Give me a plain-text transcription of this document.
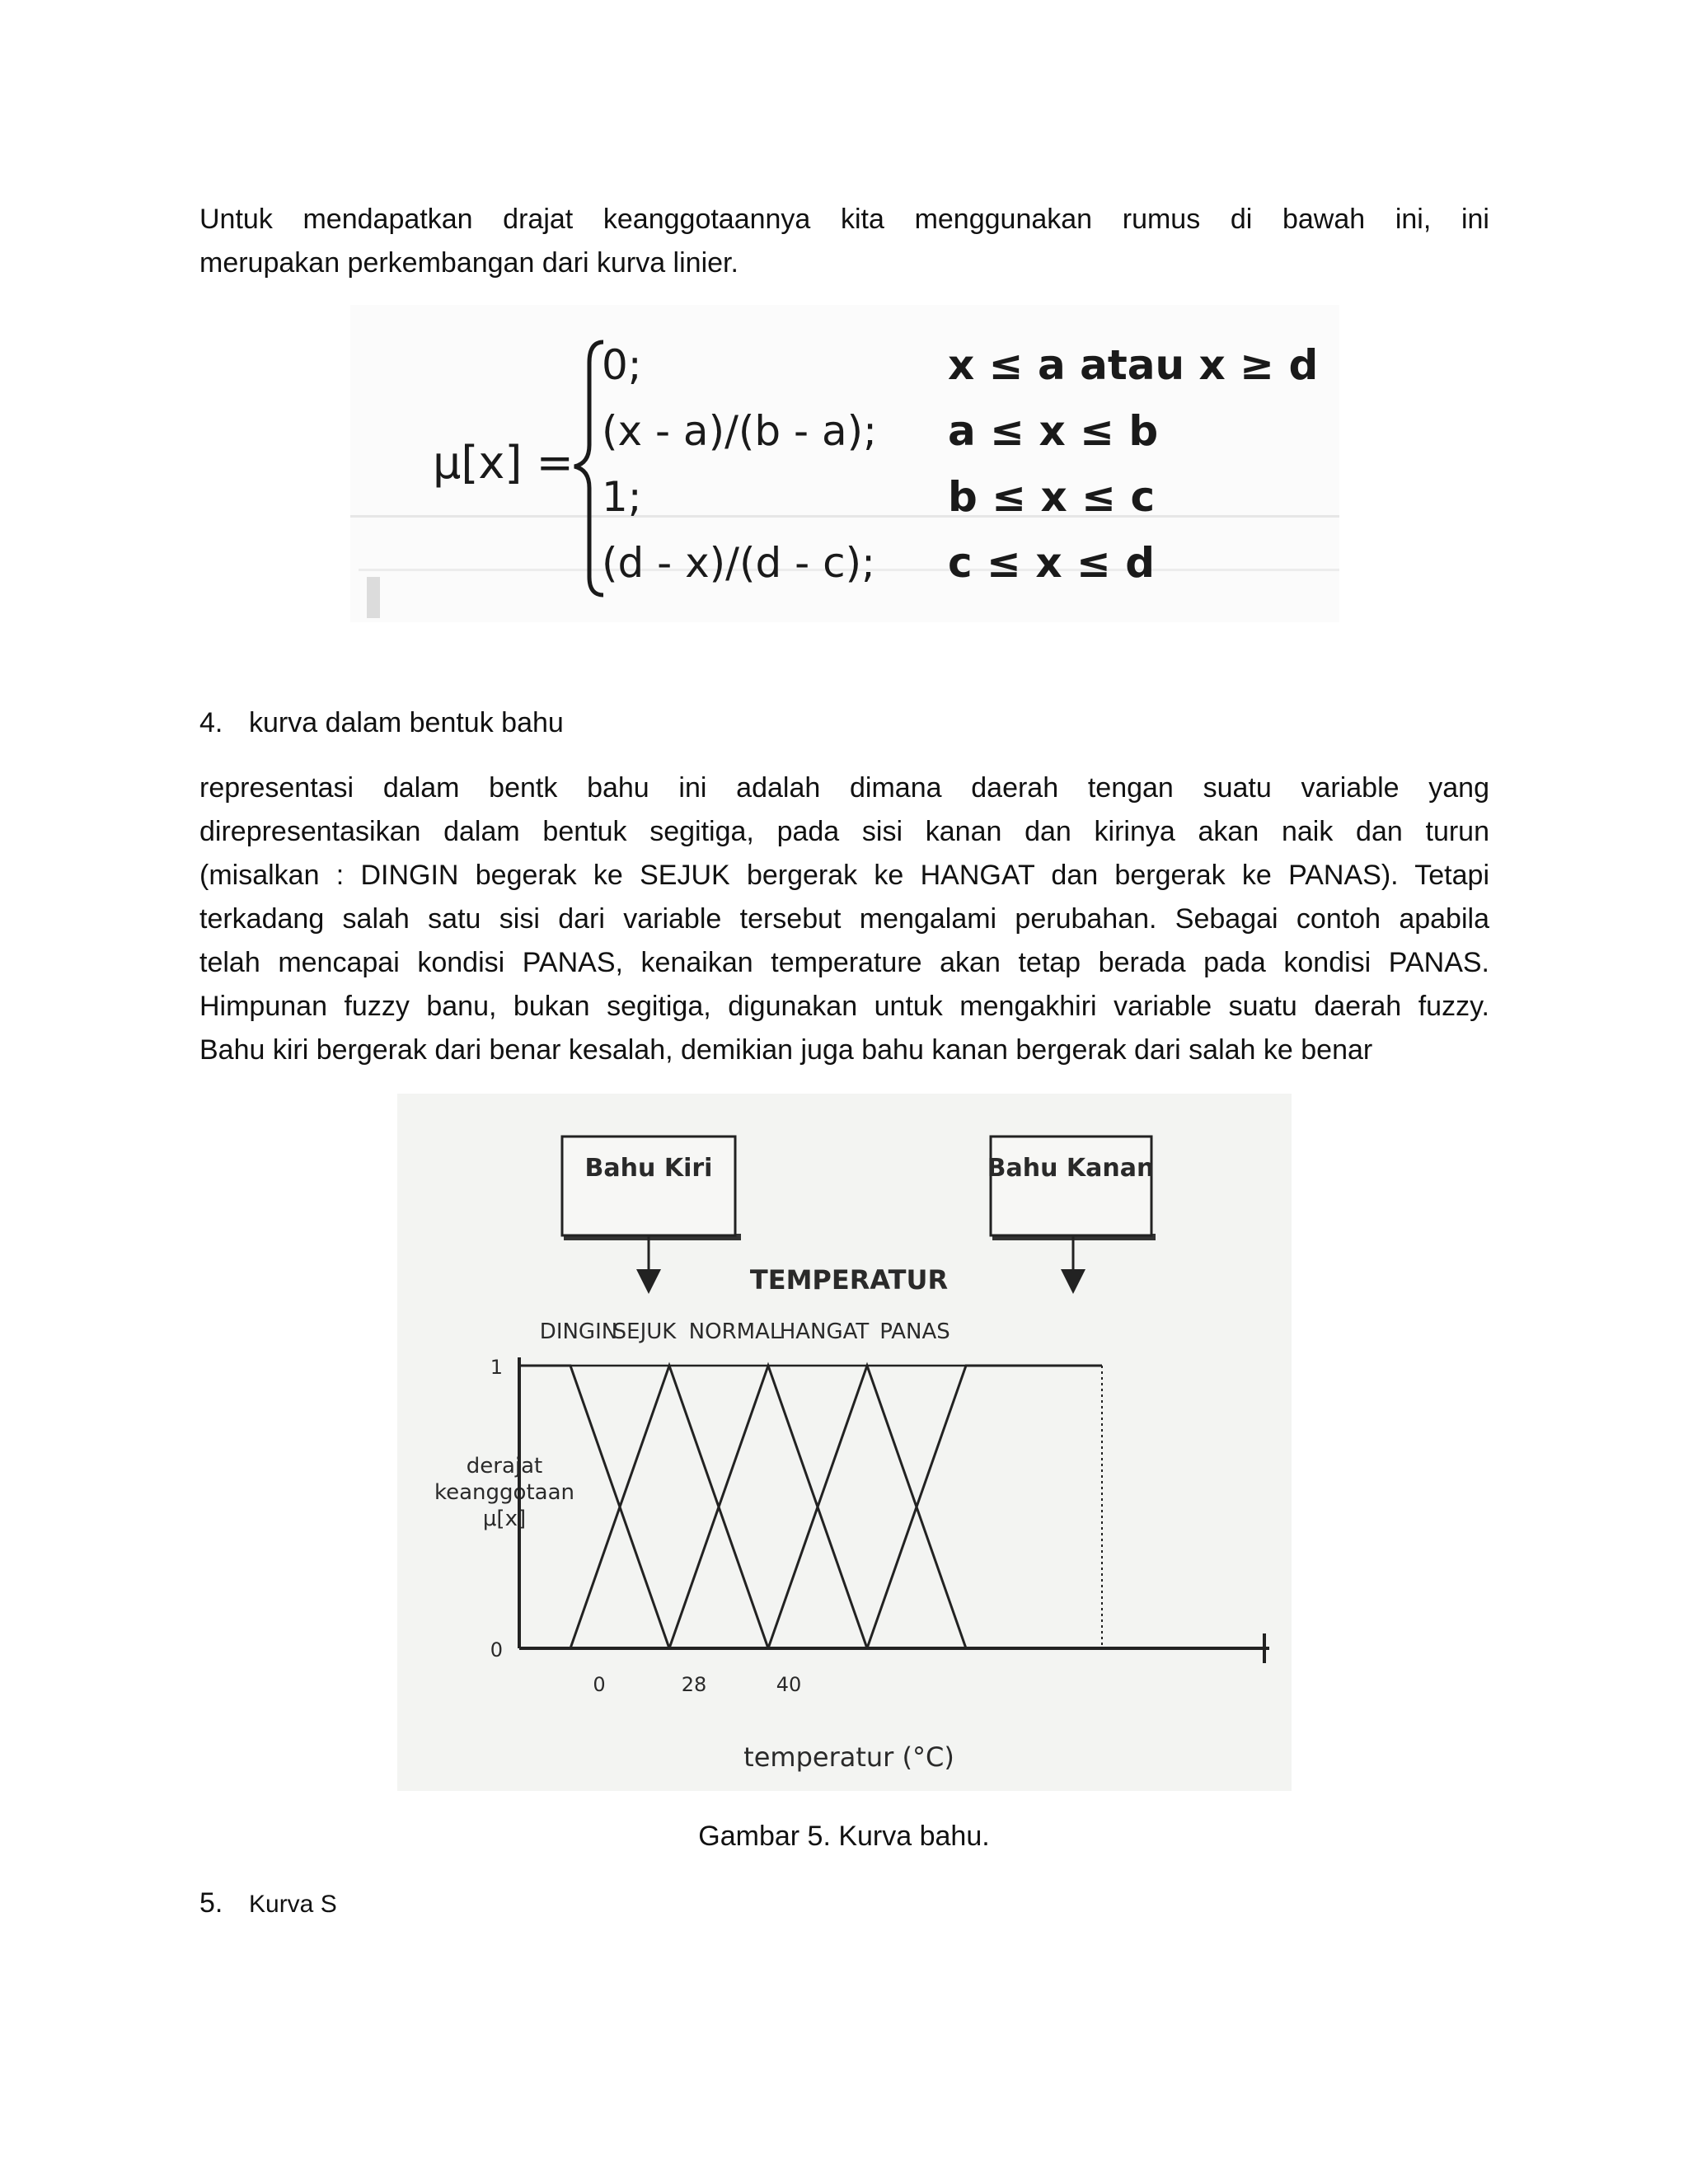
Untuk mendapatkan drajat keanggotaannya kita menggunakan rumus di bawah ini, ini
merupakan perkembangan dari kurva linier.

μ[x] =
0;
(x - a)/(b - a);
1;
(d - x)/(d - c);
x ≤ a atau x ≥ d
a ≤ x ≤ b
b ≤ x ≤ c
c ≤ x ≤ d
4. kurva dalam bentuk bahu

representasi dalam bentk bahu ini adalah dimana daerah tengan suatu variable yang
direpresentasikan dalam bentuk segitiga, pada sisi kanan dan kirinya akan naik dan turun
(misalkan : DINGIN begerak ke SEJUK bergerak ke HANGAT dan bergerak ke PANAS). Tetapi
terkadang salah satu sisi dari variable tersebut mengalami perubahan. Sebagai contoh apabila
telah mencapai kondisi PANAS, kenaikan temperature akan tetap berada pada kondisi PANAS.
Himpunan fuzzy banu, bukan segitiga, digunakan untuk mengakhiri variable suatu daerah fuzzy.
Bahu kiri bergerak dari benar kesalah, demikian juga bahu kanan bergerak dari salah ke benar

Bahu Kiri	Bahu Kanan
TEMPERATUR
derajat keanggotaan μ[x]
0
1
DINGIN
SEJUK NORMAL
HANGAT PANAS
0	28	40
temperatur (°C)
Gambar 5. Kurva bahu.
5. Kurva S
